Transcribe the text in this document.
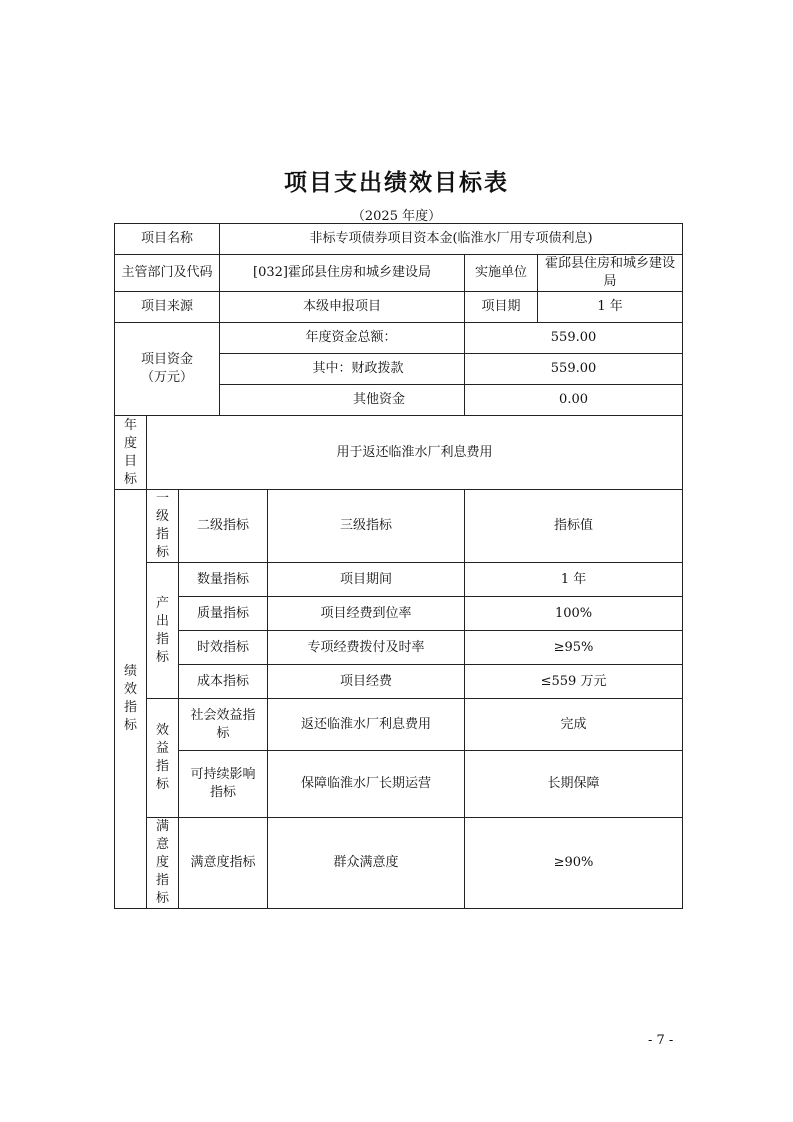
项目支出绩效目标表
（2025 年度）
项目名称			非标专项债券项目资本金(临淮水厂用专项债利息)			
主管部门及代码			[032]霍邱县住房和城乡建设局		实施单位	霍邱县住房和城乡建设局
项目来源			本级申报项目		项目期	1 年
项目资金（万元）			年度资金总额：		559.00	
			其中：财政拨款		559.00	
			其他资金		0.00	
年度目标	用于返还临淮水厂利息费用					
绩效指标	一级指标	二级指标		三级指标	指标值	
	产出指标	数量指标		项目期间	1 年	
		质量指标		项目经费到位率	100%	
		时效指标		专项经费拨付及时率	≥95%	
		成本指标		项目经费	≤559 万元	
	效益指标	社会效益指标		返还临淮水厂利息费用	完成	
		可持续影响指标		保障临淮水厂长期运营	长期保障	
	满意度指标	满意度指标		群众满意度	≥90%	
- 7 -
